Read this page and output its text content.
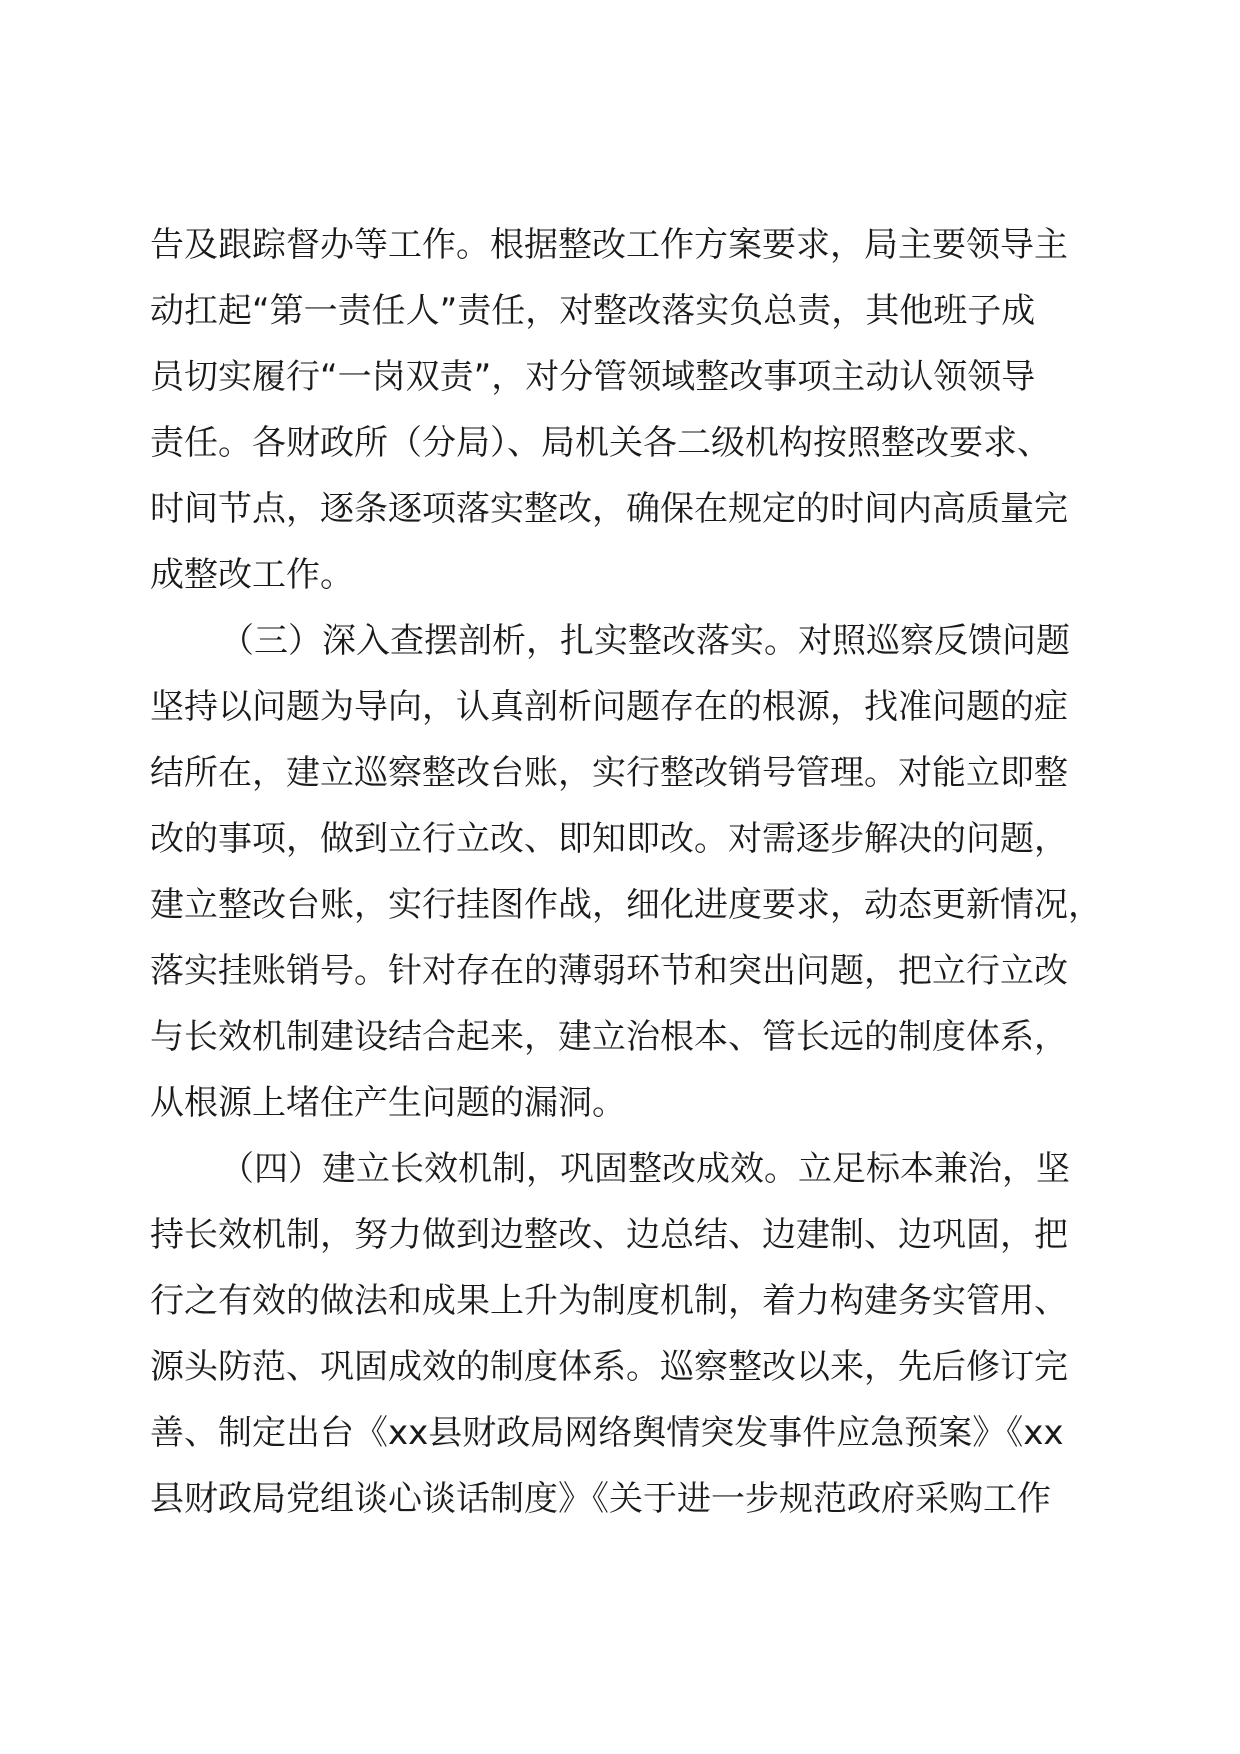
告及跟踪督办等工作。根据整改工作方案要求，局主要领导主
动扛起“第一责任人”责任，对整改落实负总责，其他班子成
员切实履行“一岗双责”，对分管领域整改事项主动认领领导
责任。各财政所（分局）、局机关各二级机构按照整改要求、
时间节点，逐条逐项落实整改，确保在规定的时间内高质量完
成整改工作。
（三）深入查摆剖析，扎实整改落实。对照巡察反馈问题
坚持以问题为导向，认真剖析问题存在的根源，找准问题的症
结所在，建立巡察整改台账，实行整改销号管理。对能立即整
改的事项，做到立行立改、即知即改。对需逐步解决的问题，
建立整改台账，实行挂图作战，细化进度要求，动态更新情况，
落实挂账销号。针对存在的薄弱环节和突出问题，把立行立改
与长效机制建设结合起来，建立治根本、管长远的制度体系，
从根源上堵住产生问题的漏洞。
（四）建立长效机制，巩固整改成效。立足标本兼治，坚
持长效机制，努力做到边整改、边总结、边建制、边巩固，把
行之有效的做法和成果上升为制度机制，着力构建务实管用、
源头防范、巩固成效的制度体系。巡察整改以来，先后修订完
善、制定出台《xx县财政局网络舆情突发事件应急预案》《xx
县财政局党组谈心谈话制度》《关于进一步规范政府采购工作
